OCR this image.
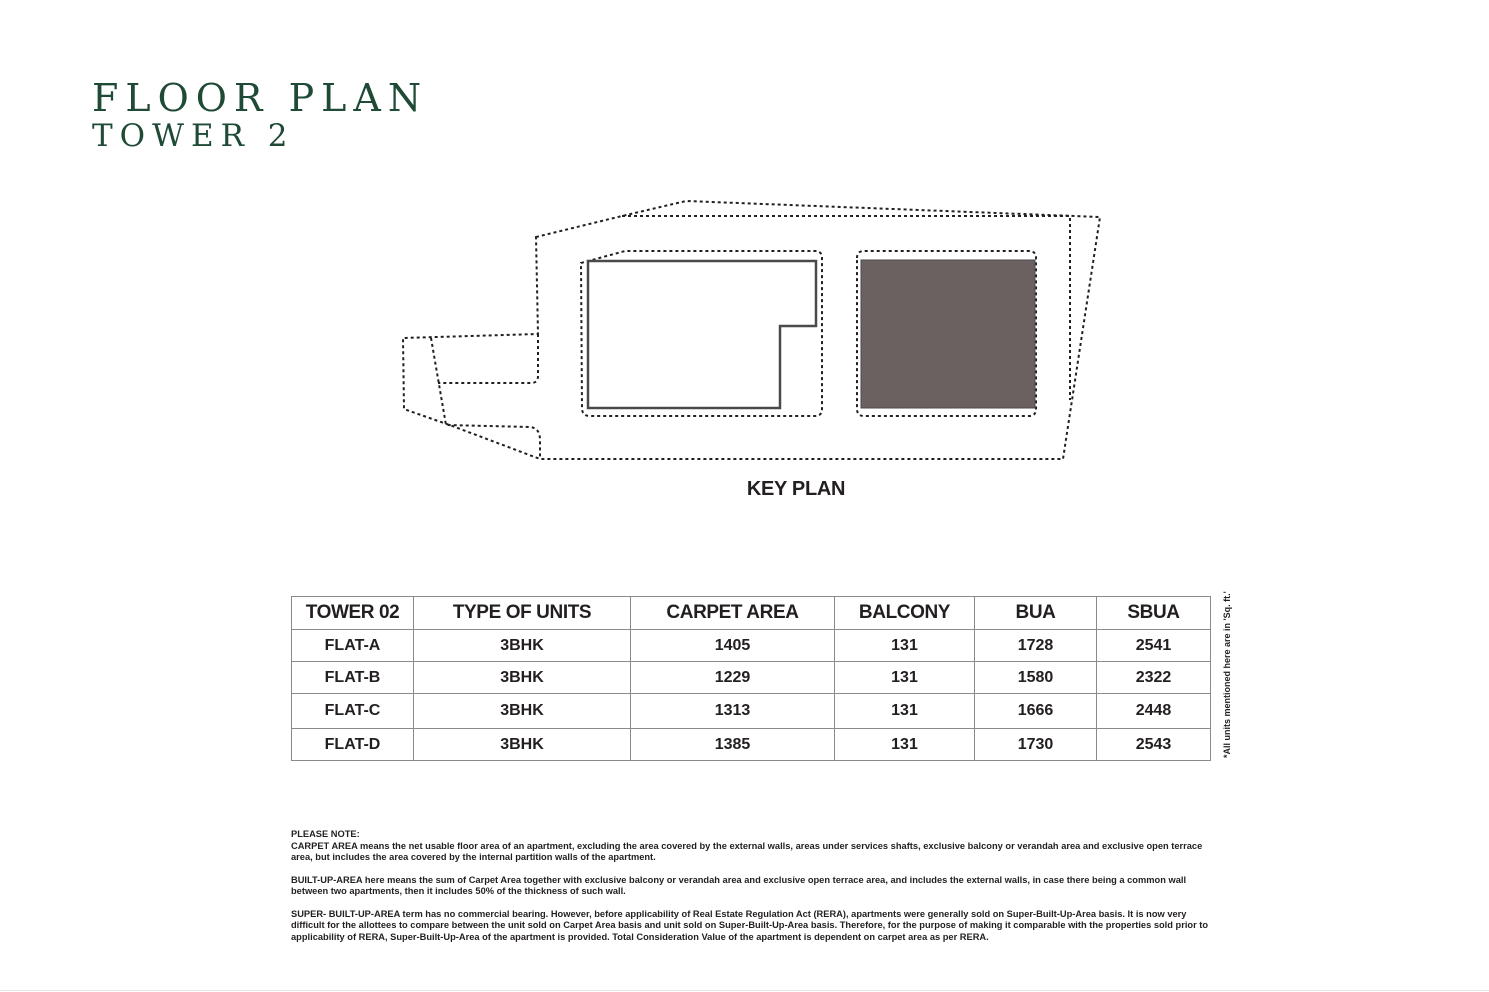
FLOOR PLAN
TOWER 2
KEY PLAN
TOWER 02	TYPE OF UNITS	CARPET AREA	BALCONY	BUA	SBUA
FLAT-A	3BHK	1405	131	1728	2541
FLAT-B	3BHK	1229	131	1580	2322
FLAT-C	3BHK	1313	131	1666	2448
FLAT-D	3BHK	1385	131	1730	2543	*All units mentioned here are in 'Sq. ft.'
PLEASE NOTE:

CARPET AREA means the net usable floor area of an apartment, excluding the area covered by the external walls, areas under services shafts, exclusive balcony or verandah area and exclusive open terrace area, but includes the area covered by the internal partition walls of the apartment.

BUILT-UP-AREA here means the sum of Carpet Area together with exclusive balcony or verandah area and exclusive open terrace area, and includes the external walls, in case there being a common wall between two apartments, then it includes 50% of the thickness of such wall.

SUPER- BUILT-UP-AREA term has no commercial bearing. However, before applicability of Real Estate Regulation Act (RERA), apartments were generally sold on Super-Built-Up-Area basis. It is now very difficult for the allottees to compare between the unit sold on Carpet Area basis and unit sold on Super-Built-Up-Area basis. Therefore, for the purpose of making it comparable with the properties sold prior to applicability of RERA, Super-Built-Up-Area of the apartment is provided. Total Consideration Value of the apartment is dependent on carpet area as per RERA.
